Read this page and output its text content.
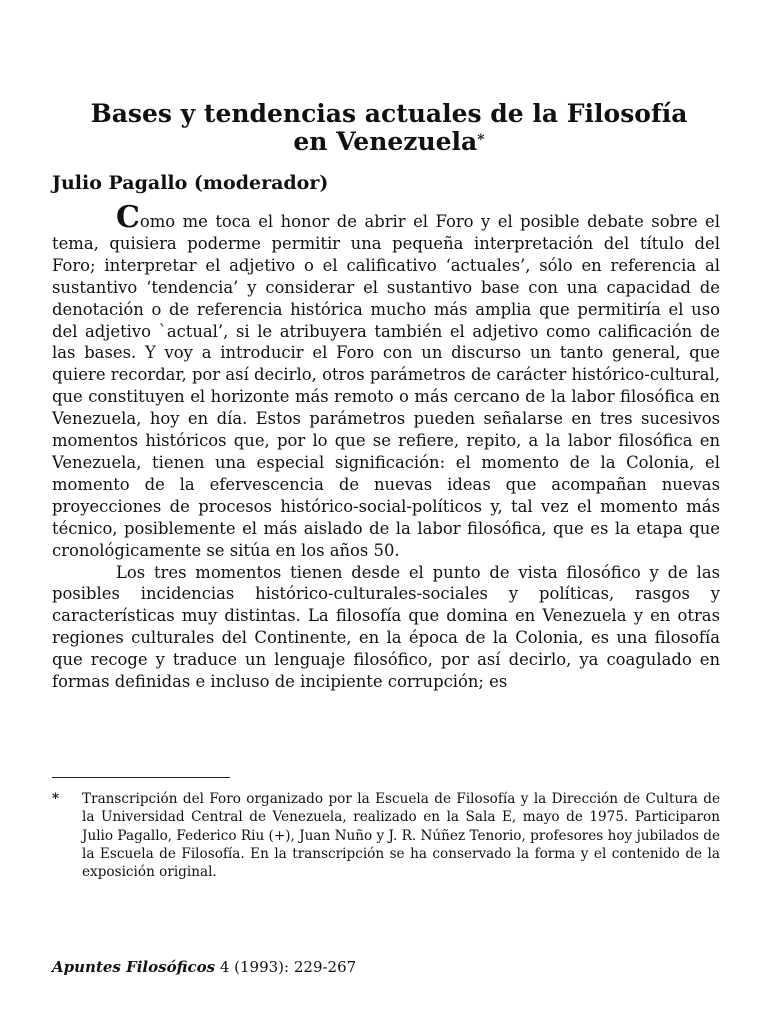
Bases y tendencias actuales de la Filosofía
en Venezuela*
Julio Pagallo (moderador)

Como me toca el honor de abrir el Foro y el posible debate sobre el tema, quisiera poderme permitir una pequeña interpretación del título del Foro; interpretar el adjetivo o el calificativo ‘actuales’, sólo en referencia al sustantivo ‘tendencia’ y considerar el sustantivo base con una capacidad de denotación o de referencia histórica mucho más amplia que permitiría el uso del adjetivo `actual’, si le atribuyera también el adjetivo como calificación de las bases. Y voy a introducir el Foro con un discurso un tanto general, que quiere recordar, por así decirlo, otros parámetros de carácter histórico-cultural, que constituyen el horizonte más remoto o más cercano de la labor filosófica en Venezuela, hoy en día. Estos parámetros pueden señalarse en tres sucesivos momentos históricos que, por lo que se refiere, repito, a la labor filosófica en Venezuela, tienen una especial significación: el momento de la Colonia, el momento de la efervescencia de nuevas ideas que acompañan nuevas proyecciones de procesos histórico-social-políticos y, tal vez el momento más técnico, posiblemente el más aislado de la labor filosófica, que es la etapa que cronológicamente se sitúa en los años 50.

Los tres momentos tienen desde el punto de vista filosófico y de las posibles incidencias histórico-culturales-sociales y políticas, rasgos y características muy distintas. La filosofía que domina en Venezuela y en otras regiones culturales del Continente, en la época de la Colonia, es una filosofía que recoge y traduce un lenguaje filosófico, por así decirlo, ya coagulado en formas definidas e incluso de incipiente corrupción; es

*	Transcripción del Foro organizado por la Escuela de Filosofía y la Dirección de Cultura de la Universidad Central de Venezuela, realizado en la Sala E, mayo de 1975. Participaron Julio Pagallo, Federico Riu (+), Juan Nuño y J. R. Núñez Tenorio, profesores hoy jubilados de la Escuela de Filosofía. En la transcripción se ha conservado la forma y el contenido de la exposición original.
Apuntes Filosóficos 4 (1993): 229-267
